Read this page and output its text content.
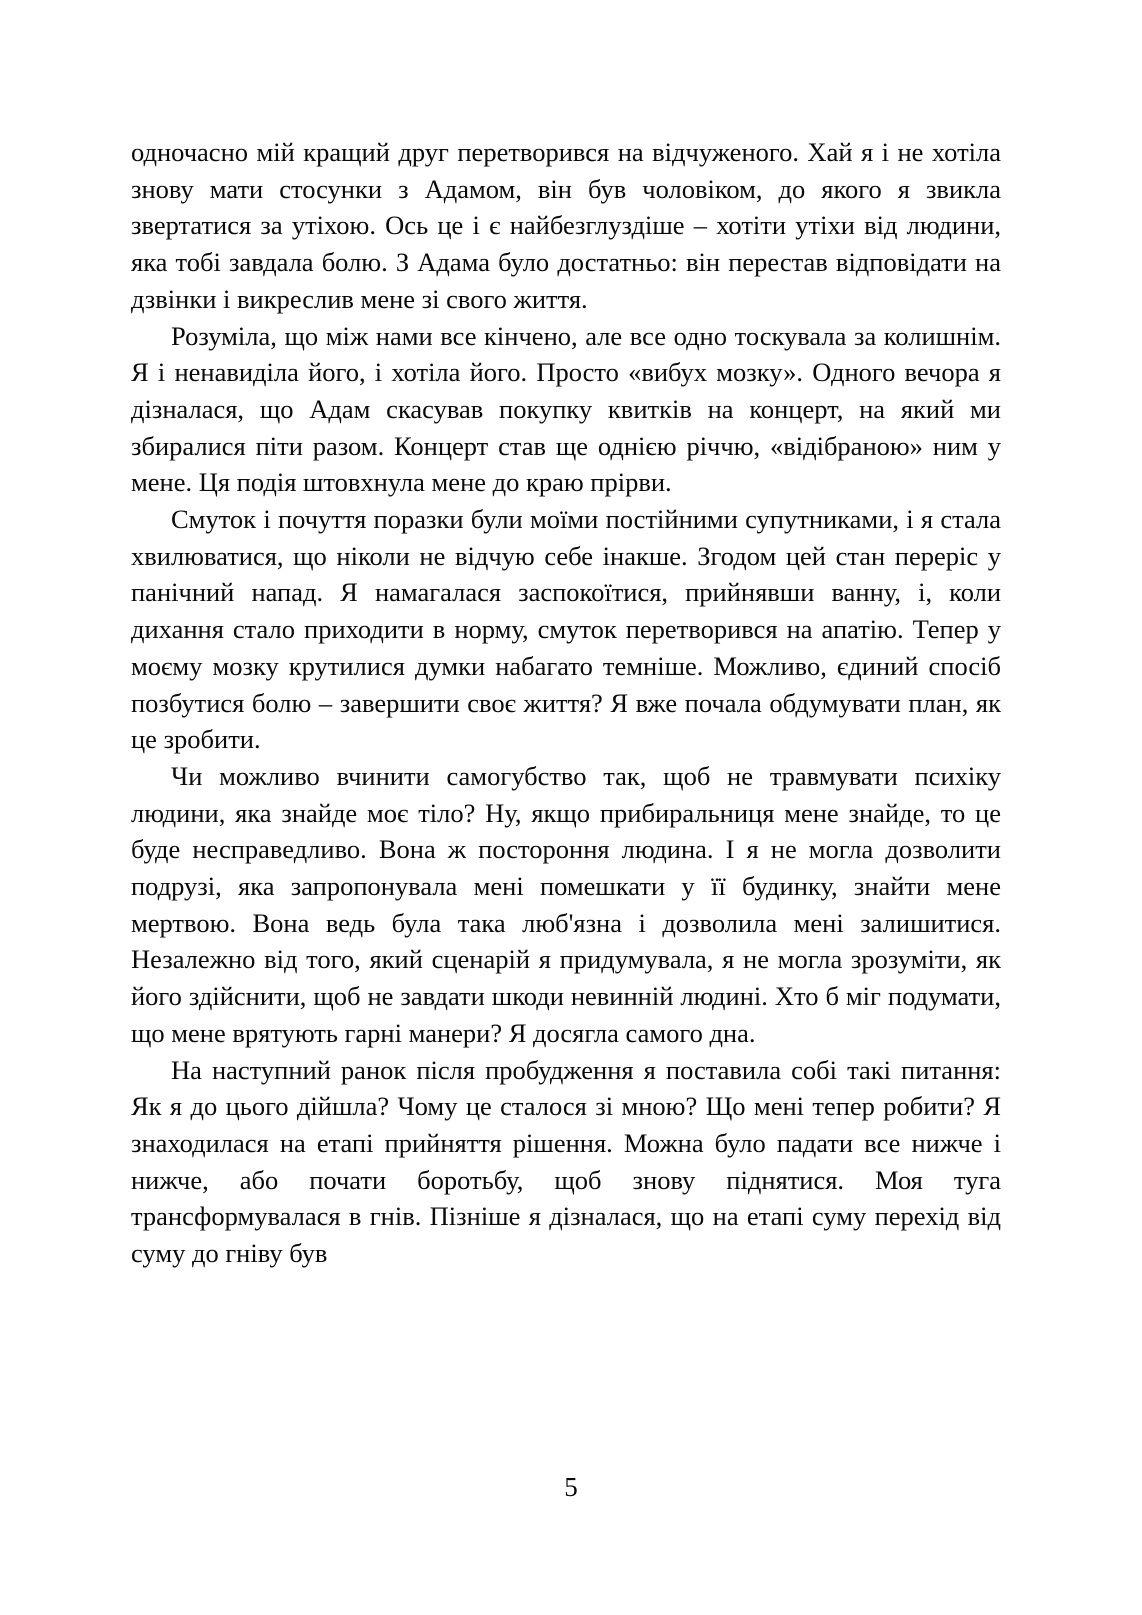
одночасно мій кращий друг перетворився на відчуженого. Хай я і не хотіла знову мати стосунки з Адамом, він був чоловіком, до якого я звикла звертатися за утіхою. Ось це і є найбезглуздіше – хотіти утіхи від людини, яка тобі завдала болю. З Адама було достатньо: він перестав відповідати на дзвінки і викреслив мене зі свого життя.

Розуміла, що між нами все кінчено, але все одно тоскувала за колишнім. Я і ненавиділа його, і хотіла його. Просто «вибух мозку». Одного вечора я дізналася, що Адам скасував покупку квитків на концерт, на який ми збиралися піти разом. Концерт став ще однією річчю, «відібраною» ним у мене. Ця подія штовхнула мене до краю прірви.

Смуток і почуття поразки були моїми постійними супутниками, і я стала хвилюватися, що ніколи не відчую себе інакше. Згодом цей стан переріс у панічний напад. Я намагалася заспокоїтися, прийнявши ванну, і, коли дихання стало приходити в норму, смуток перетворився на апатію. Тепер у моєму мозку крутилися думки набагато темніше. Можливо, єдиний спосіб позбутися болю – завершити своє життя? Я вже почала обдумувати план, як це зробити.

Чи можливо вчинити самогубство так, щоб не травмувати психіку людини, яка знайде моє тіло? Ну, якщо прибиральниця мене знайде, то це буде несправедливо. Вона ж постороння людина. І я не могла дозволити подрузі, яка запропонувала мені помешкати у її будинку, знайти мене мертвою. Вона ведь була така люб'язна і дозволила мені залишитися. Незалежно від того, який сценарій я придумувала, я не могла зрозуміти, як його здійснити, щоб не завдати шкоди невинній людині. Хто б міг подумати, що мене врятують гарні манери? Я досягла самого дна.

На наступний ранок після пробудження я поставила собі такі питання: Як я до цього дійшла? Чому це сталося зі мною? Що мені тепер робити? Я знаходилася на етапі прийняття рішення. Можна було падати все нижче і нижче, або почати боротьбу, щоб знову піднятися. Моя туга трансформувалася в гнів. Пізніше я дізналася, що на етапі суму перехід від суму до гніву був

5
